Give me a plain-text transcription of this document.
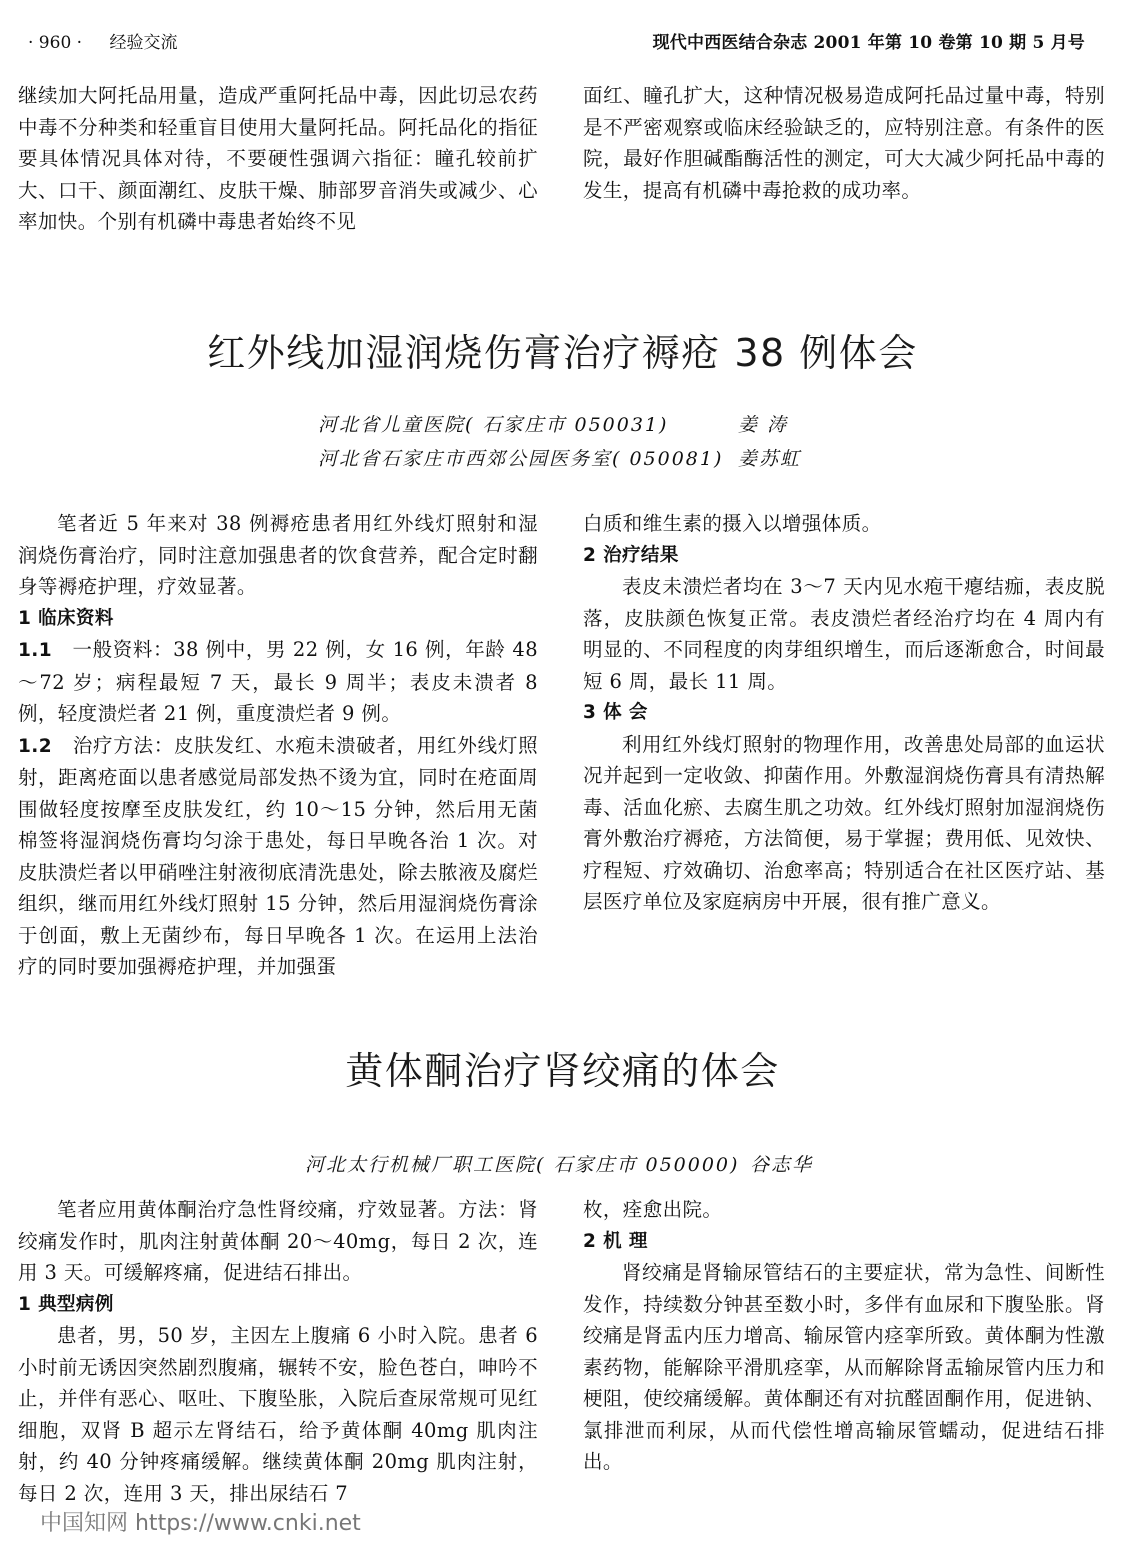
· 960 · 经验交流	现代中西医结合杂志 2001 年第 10 卷第 10 期 5 月号

继续加大阿托品用量，造成严重阿托品中毒，因此切忌农药中毒不分种类和轻重盲目使用大量阿托品。阿托品化的指征要具体情况具体对待，不要硬性强调六指征：瞳孔较前扩大、口干、颜面潮红、皮肤干燥、肺部罗音消失或减少、心率加快。个别有机磷中毒患者始终不见

面红、瞳孔扩大，这种情况极易造成阿托品过量中毒，特别是不严密观察或临床经验缺乏的，应特别注意。有条件的医院，最好作胆碱酯酶活性的测定，可大大减少阿托品中毒的发生，提高有机磷中毒抢救的成功率。

红外线加湿润烧伤膏治疗褥疮 38 例体会
河北省儿童医院( 石家庄市 050031)	姜 涛
河北省石家庄市西郊公园医务室( 050081) 姜苏虹

笔者近 5 年来对 38 例褥疮患者用红外线灯照射和湿润烧伤膏治疗，同时注意加强患者的饮食营养，配合定时翻身等褥疮护理，疗效显著。

1 临床资料

1.1 一般资料：38 例中，男 22 例，女 16 例，年龄 48～72 岁；病程最短 7 天，最长 9 周半；表皮未溃者 8 例，轻度溃烂者 21 例，重度溃烂者 9 例。

1.2 治疗方法：皮肤发红、水疱未溃破者，用红外线灯照射，距离疮面以患者感觉局部发热不烫为宜，同时在疮面周围做轻度按摩至皮肤发红，约 10～15 分钟，然后用无菌棉签将湿润烧伤膏均匀涂于患处，每日早晚各治 1 次。对皮肤溃烂者以甲硝唑注射液彻底清洗患处，除去脓液及腐烂组织，继而用红外线灯照射 15 分钟，然后用湿润烧伤膏涂于创面，敷上无菌纱布，每日早晚各 1 次。在运用上法治疗的同时要加强褥疮护理，并加强蛋

白质和维生素的摄入以增强体质。

2 治疗结果

表皮未溃烂者均在 3～7 天内见水疱干瘪结痂，表皮脱落，皮肤颜色恢复正常。表皮溃烂者经治疗均在 4 周内有明显的、不同程度的肉芽组织增生，而后逐渐愈合，时间最短 6 周，最长 11 周。

3 体 会

利用红外线灯照射的物理作用，改善患处局部的血运状况并起到一定收敛、抑菌作用。外敷湿润烧伤膏具有清热解毒、活血化瘀、去腐生肌之功效。红外线灯照射加湿润烧伤膏外敷治疗褥疮，方法简便，易于掌握；费用低、见效快、疗程短、疗效确切、治愈率高；特别适合在社区医疗站、基层医疗单位及家庭病房中开展，很有推广意义。

黄体酮治疗肾绞痛的体会
河北太行机械厂职工医院( 石家庄市 050000) 谷志华

笔者应用黄体酮治疗急性肾绞痛，疗效显著。方法：肾绞痛发作时，肌肉注射黄体酮 20～40mg，每日 2 次，连用 3 天。可缓解疼痛，促进结石排出。

1 典型病例

患者，男，50 岁，主因左上腹痛 6 小时入院。患者 6 小时前无诱因突然剧烈腹痛，辗转不安，脸色苍白，呻吟不止，并伴有恶心、呕吐、下腹坠胀，入院后查尿常规可见红细胞，双肾 B 超示左肾结石，给予黄体酮 40mg 肌肉注射，约 40 分钟疼痛缓解。继续黄体酮 20mg 肌肉注射，每日 2 次，连用 3 天，排出尿结石 7

枚，痊愈出院。

2 机 理

肾绞痛是肾输尿管结石的主要症状，常为急性、间断性发作，持续数分钟甚至数小时，多伴有血尿和下腹坠胀。肾绞痛是肾盂内压力增高、输尿管内痉挛所致。黄体酮为性激素药物，能解除平滑肌痉挛，从而解除肾盂输尿管内压力和梗阻，使绞痛缓解。黄体酮还有对抗醛固酮作用，促进钠、氯排泄而利尿，从而代偿性增高输尿管蠕动，促进结石排出。

中国知网 https://www.cnki.net
